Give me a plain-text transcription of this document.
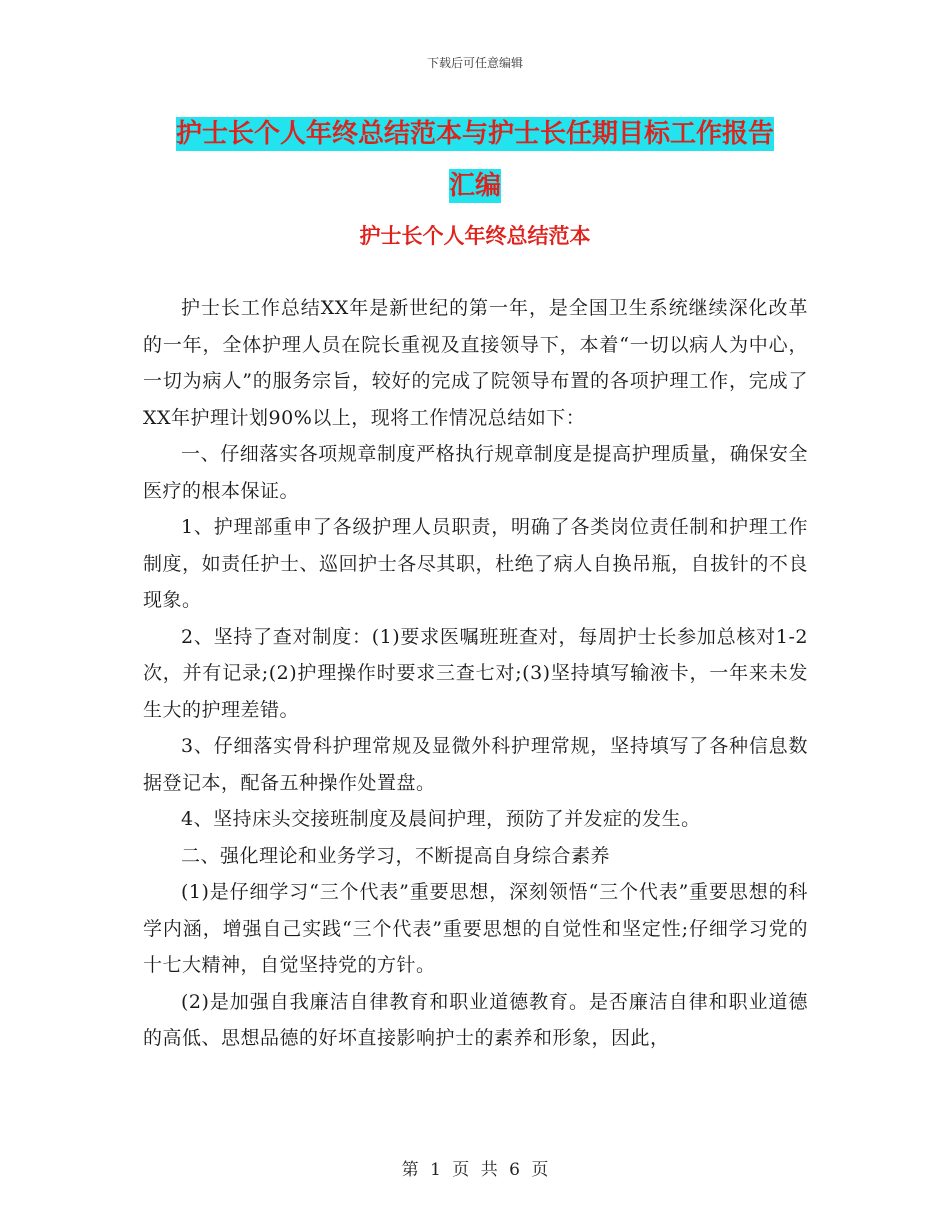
下载后可任意编辑
护士长个人年终总结范本与护士长任期目标工作报告
汇编
护士长个人年终总结范本

护士长工作总结XX年是新世纪的第一年，是全国卫生系统继续深化改革的一年，全体护理人员在院长重视及直接领导下，本着“一切以病人为中心，一切为病人”的服务宗旨，较好的完成了院领导布置的各项护理工作，完成了XX年护理计划90%以上，现将工作情况总结如下：

一、仔细落实各项规章制度严格执行规章制度是提高护理质量，确保安全医疗的根本保证。

1、护理部重申了各级护理人员职责，明确了各类岗位责任制和护理工作制度，如责任护士、巡回护士各尽其职，杜绝了病人自换吊瓶，自拔针的不良现象。

2、坚持了查对制度：(1)要求医嘱班班查对，每周护士长参加总核对1-2次，并有记录;(2)护理操作时要求三查七对;(3)坚持填写输液卡，一年来未发生大的护理差错。

3、仔细落实骨科护理常规及显微外科护理常规，坚持填写了各种信息数据登记本，配备五种操作处置盘。

4、坚持床头交接班制度及晨间护理，预防了并发症的发生。

二、强化理论和业务学习，不断提高自身综合素养

(1)是仔细学习“三个代表”重要思想，深刻领悟“三个代表”重要思想的科学内涵，增强自己实践“三个代表”重要思想的自觉性和坚定性;仔细学习党的十七大精神，自觉坚持党的方针。

(2)是加强自我廉洁自律教育和职业道德教育。是否廉洁自律和职业道德的高低、思想品德的好坏直接影响护士的素养和形象，因此，

第 1 页 共 6 页
